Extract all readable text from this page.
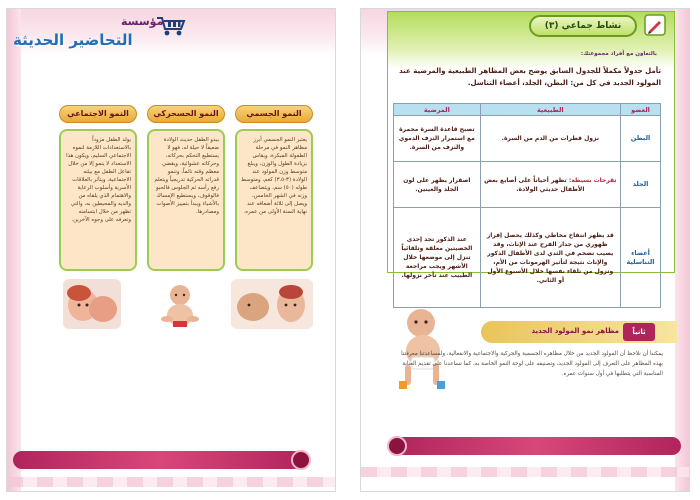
مؤسسة
التحاضير الحديثة
النمو الاجتماعي
يولد الطفل مزوداً بالاستعدادات اللازمة لنموه الاجتماعي السليم، ويكون هذا الاستعداد لا ينمو إلا من خلال تفاعل الطفل مع بيئته الاجتماعية، ويتأثر بالعلاقات الأسرية وأسلوب الرعاية والاهتمام الذي يلقاه من والديه والمحيطين به، والتي تظهر من خلال ابتسامته وتعرفه على وجوه الآخرين.
النمو الحسحركي
يبدو الطفل حديث الولادة ضعيفاً لا حيلة له، فهو لا يستطيع التحكم بحركاته، وحركاته عشوائية، ويقضي معظم وقته نائماً، وتنمو قدراته الحركية تدريجياً ويتعلم رفع رأسه ثم الجلوس فالحبو فالوقوف، ويستطيع الإمساك بالأشياء ويبدأ بتمييز الأصوات ومصادرها.
النمو الجسمي
يعتبر النمو الجسمي أبرز مظاهر النمو في مرحلة الطفولة المبكرة، ويقاس بزيادة الطول والوزن، ويبلغ متوسط وزن المولود عند الولادة (٣-٣.٥) كغم، ومتوسط طوله (٥٠) سم، ويتضاعف وزنه في الشهر الخامس، ويصل إلى ثلاثة أضعافه عند نهاية السنة الأولى من عمره.
نشاط جماعي (٣)
بالتعاون مع أفراد مجموعتك:
تأمل جدولاً مكملاً للجدول السابق يوضح بعض المظاهر الطبيعية والمرضية عند المولود الجديد في كل من: البطن، الجلد، أعضاء التناسل.
العضو	الطبيعية	المرضية
البطن	نزول قطرات من الدم من السرة.	تصبح قاعدة السرة محمرة مع استمرار النزف الدموي والنزف من السرة.
الجلد	تقرحات بسيطة: تظهر أحياناً على أصابع بعض الأطفال حديثي الولادة.	اصفرار يظهر على لون الجلد والعينين.
أعضاء التناسلية	قد يظهر انتفاخ مخاطي وكذلك يحصل إفراز ظهوري من جدار الفرج عند الإناث، وقد يصيب تضخم في الثدي لدى الأطفال الذكور والإناث نتيجة لتأثير الهرمونات من الأم، وتزول من تلقاء نفسها خلال الأسبوع الأول أو الثاني.	عند الذكور تجد إحدى الخصيتين معلقة وتلقائياً تنزل إلى موضعها خلال الأشهر ويجب مراجعة الطبيب عند تأخر نزولها.
ثانياً
مظاهر نمو المولود الجديد
يمكننا أن نلاحظ أن المولود الجديد من خلال مظاهره الجسمية والحركية والاجتماعية والانفعالية، ولمساعدتنا معرفتنا بهذه المظاهر على التعرف إلى المولود الجديد، وتصنيفه على لوحة النمو الخاصة به، كما تساعدنا على تقديم العناية المناسبة التي يتطلبها في أول سنوات عمره.
